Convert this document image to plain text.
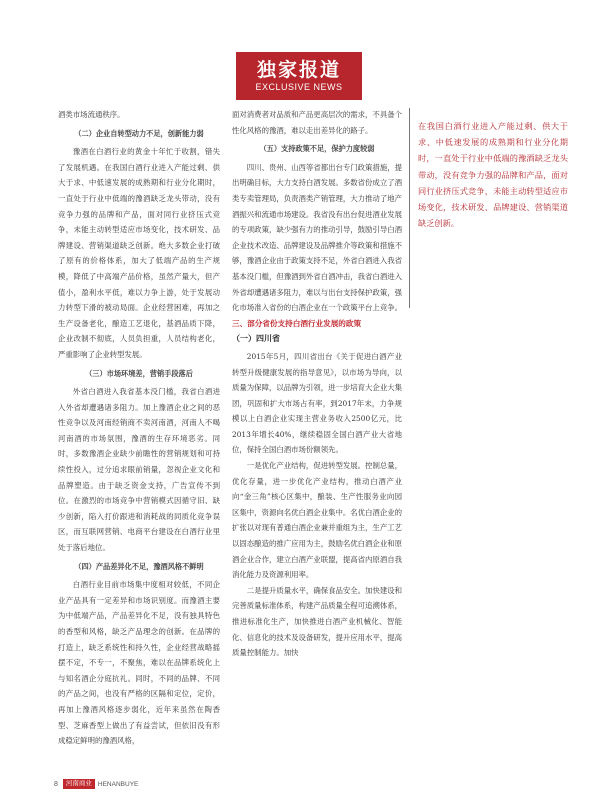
独家报道
EXCLUSIVE NEWS

酒类市场流通秩序。

（二）企业自转型动力不足，创新能力弱

豫酒在白酒行业的黄金十年忙于收割，错失了发展机遇。在我国白酒行业进入产能过剩、供大于求、中低速发展的成熟期和行业分化期时，一直处于行业中低端的豫酒缺乏龙头带动，没有竞争力强的品牌和产品，面对同行业挤压式竞争，未能主动转型适应市场变化，技术研发、品牌建设、营销渠道缺乏创新。绝大多数企业打破了原有的价格体系，加大了低端产品的生产规模，降低了中高端产品价格，虽然产量大，但产值小，盈利水平低，难以力争上游，处于发展动力转型下滑的被动局面。企业经营困难，再加之生产设备老化，酿造工艺退化，基酒品质下降，企业改制不彻底，人员负担重，人员结构老化，严重影响了企业转型发展。

（三）市场环境差，营销手段落后

外省白酒进入我省基本没门槛，我省白酒进入外省却遭遇诸多阻力。加上豫酒企业之间的恶性竞争以及河南经销商不卖河南酒，河南人不喝河南酒的市场氛围，豫酒的生存环境恶劣。同时，多数豫酒企业缺少前瞻性的营销规划和可持续性投入，过分追求眼前销量，忽视企业文化和品牌塑造。由于缺乏资金支持，广告宣传不到位。在激烈的市场竞争中营销模式因循守旧、缺少创新，陷入打价跟进和消耗战的同质化竞争误区，而互联网营销、电商平台建设在白酒行业里处于落后地位。

（四）产品差异化不足，豫酒风格不鲜明

白酒行业目前市场集中度相对较低，不同企业产品具有一定差异和市场识别度。而豫酒主要为中低端产品，产品差异化不足，没有独具特色的香型和风格，缺乏产品理念的创新。在品牌的打造上，缺乏系统性和持久性，企业经营战略摇摆不定，不专一，不聚焦，难以在品牌系统化上与知名酒企分庭抗礼。同时，不同的品牌、不同的产品之间，也没有严格的区隔和定位，定价，再加上豫酒风格逐步弱化，近年来虽然在陶香型、芝麻香型上做出了有益尝试，但依旧没有形成稳定鲜明的豫酒风格，

面对消费者对品质和产品更高层次的需求，不具备个性化风格的豫酒，难以走出差异化的路子。

（五）支持政策不足，保护力度较弱

四川、贵州、山西等省都出台专门政策措施，提出明确目标，大力支持白酒发展。多数省份成立了酒类专卖管理局，负责酒类产销管理，大力推动了地产酒振兴和流通市场建设。我省没有出台促进酒业发展的专项政策，缺少强有力的推动引导，鼓励引导白酒企业技术改造、品牌建设及品牌推介等政策和措施不够，豫酒企业由于政策支持不足，外省白酒进入我省基本没门槛，但豫酒到外省白酒冲击，我省白酒进入外省却遭遇诸多阻力，难以与出台支持保护政策，强化市场准入省份的白酒企业在一个政策平台上竞争。

三、部分省份支持白酒行业发展的政策

（一）四川省

2015年5月，四川省出台《关于促进白酒产业转型升级健康发展的指导意见》，以市场为导向，以质量为保障，以品牌为引领，进一步培育大企业大集团，巩固和扩大市场占有率，到2017年末，力争规模以上白酒企业实现主营业务收入2500亿元，比2013年增长40%，继续稳固全国白酒产业大省地位，保持全国白酒市场份额领先。

一是优化产业结构，促进转型发展。控制总量，优化存量，进一步优化产业结构，推动白酒产业向“金三角”核心区集中，酿装、生产性服务业向园区集中，资源向名优白酒企业集中。名优白酒企业的扩张以对现有普通白酒企业兼并重组为主，生产工艺以固态酿造的推广应用为主，鼓励名优白酒企业和原酒企业合作，建立白酒产业联盟，提高省内原酒自我消化能力及资源利用率。

二是提升质量水平，确保食品安全。加快建设和完善质量标准体系，构建产品质量全程可追溯体系，推进标准化生产，加快推进白酒产业机械化、智能化、信息化的技术及设备研发，提升应用水平，提高质量控制能力。加快

在我国白酒行业进入产能过剩、供大于求、中低速发展的成熟期和行业分化期时，一直处于行业中低端的豫酒缺乏龙头带动，没有竞争力强的品牌和产品，面对同行业挤压式竞争，未能主动转型适应市场变化，技术研发、品牌建设、营销渠道缺乏创新。
8	河南商业 HENANBUYE
